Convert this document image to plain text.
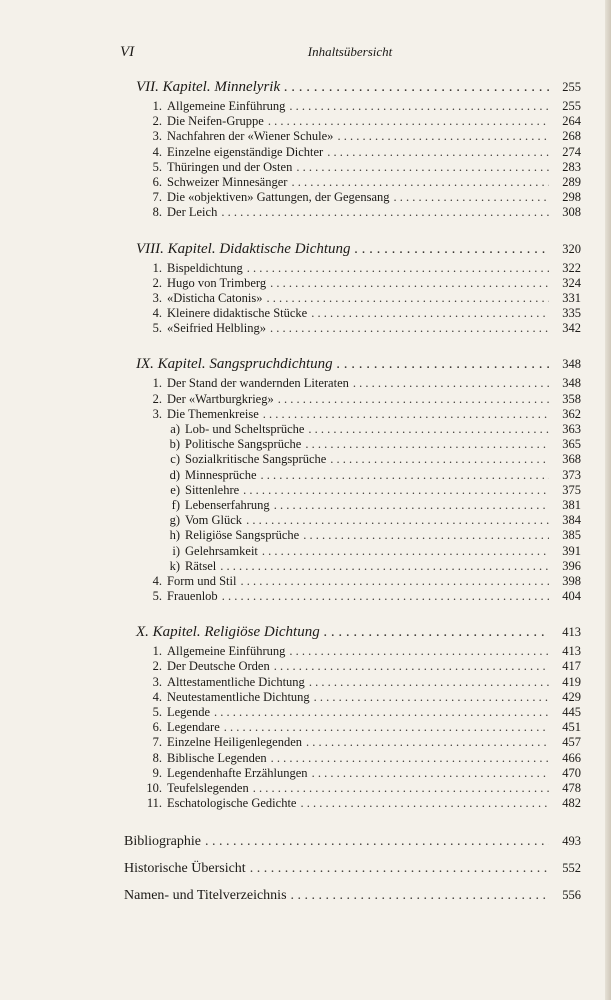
VI	Inhaltsübersicht
VII. Kapitel. Minnelyrik . . .	255
1. Allgemeine Einführung . . .	255
2. Die Neifen-Gruppe . . .	264
3. Nachfahren der «Wiener Schule» . . .	268
4. Einzelne eigenständige Dichter . . .	274
5. Thüringen und der Osten . . .	283
6. Schweizer Minnesänger . . .	289
7. Die «objektiven» Gattungen, der Gegensang . . .	298
8. Der Leich . . .	308
VIII. Kapitel. Didaktische Dichtung . . .	320
1. Bispeldichtung . . .	322
2. Hugo von Trimberg . . .	324
3. «Disticha Catonis» . . .	331
4. Kleinere didaktische Stücke . . .	335
5. «Seifried Helbling» . . .	342
IX. Kapitel. Sangspruchdichtung . . .	348
1. Der Stand der wandernden Literaten . . .	348
2. Der «Wartburgkrieg» . . .	358
3. Die Themenkreise . . .	362
a) Lob- und Scheltsprüche . . .	363
b) Politische Sangsprüche . . .	365
c) Sozialkritische Sangsprüche . . .	368
d) Minnesprüche . . .	373
e) Sittenlehre . . .	375
f) Lebenserfahrung . . .	381
g) Vom Glück . . .	384
h) Religiöse Sangsprüche . . .	385
i) Gelehrsamkeit . . .	391
k) Rätsel . . .	396
4. Form und Stil . . .	398
5. Frauenlob . . .	404
X. Kapitel. Religiöse Dichtung . . .	413
1. Allgemeine Einführung . . .	413
2. Der Deutsche Orden . . .	417
3. Alttestamentliche Dichtung . . .	419
4. Neutestamentliche Dichtung . . .	429
5. Legende . . .	445
6. Legendare . . .	451
7. Einzelne Heiligenlegenden . . .	457
8. Biblische Legenden . . .	466
9. Legendenhafte Erzählungen . . .	470
10. Teufelslegenden . . .	478
11. Eschatologische Gedichte . . .	482
Bibliographie . . .	493
Historische Übersicht . . .	552
Namen- und Titelverzeichnis . . .	556
